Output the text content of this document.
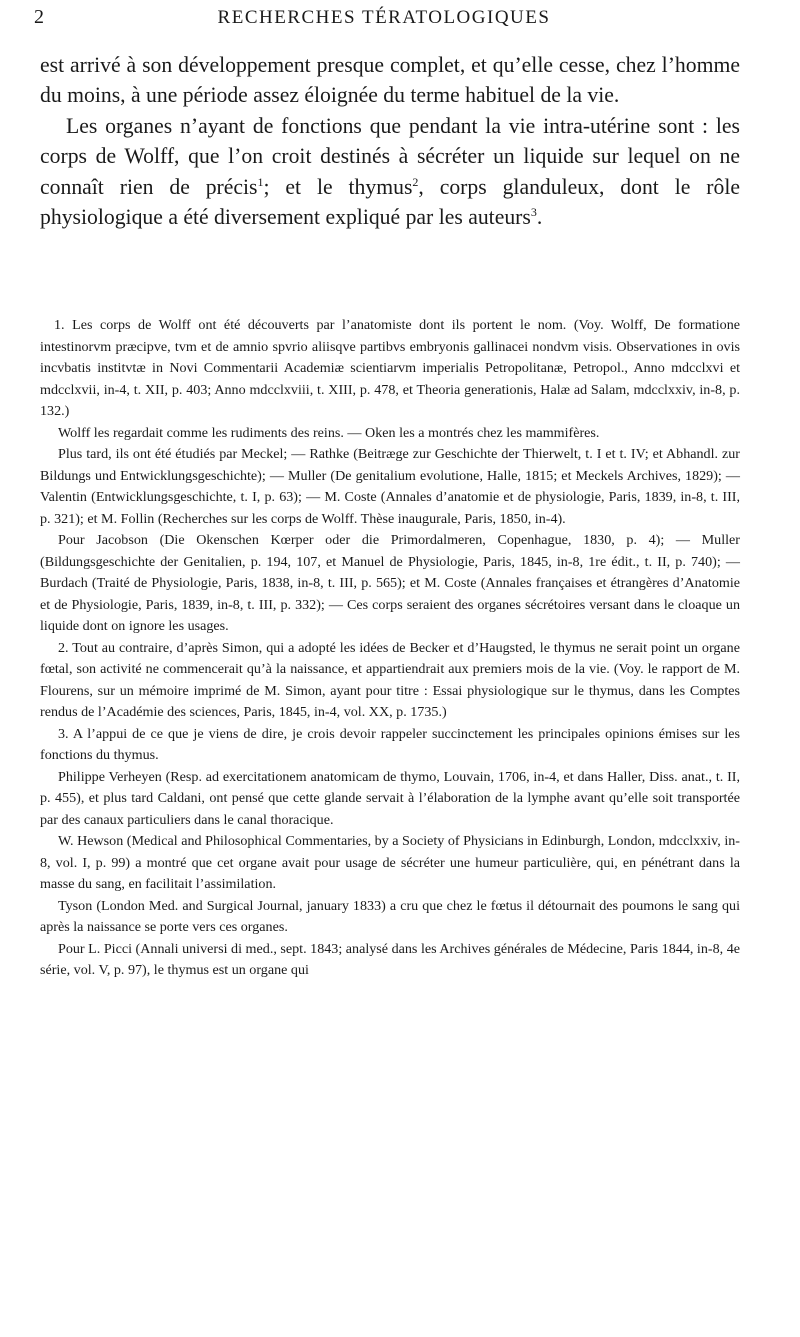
2	RECHERCHES TÉRATOLOGIQUES

est arrivé à son développement presque complet, et qu’elle cesse, chez l’homme du moins, à une période assez éloignée du terme habituel de la vie.

Les organes n’ayant de fonctions que pendant la vie intra-utérine sont : les corps de Wolff, que l’on croit destinés à sécréter un liquide sur lequel on ne connaît rien de précis$^1$; et le thymus$^2$, corps glanduleux, dont le rôle physiologique a été diversement expliqué par les auteurs$^3$.

1. Les corps de Wolff ont été découverts par l’anatomiste dont ils portent le nom. (Voy. Wolff, De formatione intestinorvm præcipve, tvm et de amnio spvrio aliisqve partibvs embryonis gallinacei nondvm visis. Observationes in ovis incvbatis institvtæ in Novi Commentarii Academiæ scientiarvm imperialis Petropolitanæ, Petropol., Anno mdcclxvi et mdcclxvii, in-4, t. XII, p. 403; Anno mdcclxviii, t. XIII, p. 478, et Theoria generationis, Halæ ad Salam, mdcclxxiv, in-8, p. 132.)

Wolff les regardait comme les rudiments des reins. — Oken les a montrés chez les mammifères.

Plus tard, ils ont été étudiés par Meckel; — Rathke (Beitræge zur Geschichte der Thierwelt, t. I et t. IV; et Abhandl. zur Bildungs und Entwicklungsgeschichte); — Muller (De genitalium evolutione, Halle, 1815; et Meckels Archives, 1829); — Valentin (Entwicklungsgeschichte, t. I, p. 63); — M. Coste (Annales d’anatomie et de physiologie, Paris, 1839, in-8, t. III, p. 321); et M. Follin (Recherches sur les corps de Wolff. Thèse inaugurale, Paris, 1850, in-4).

Pour Jacobson (Die Okenschen Kœrper oder die Primordalmeren, Copenhague, 1830, p. 4); — Muller (Bildungsgeschichte der Genitalien, p. 194, 107, et Manuel de Physiologie, Paris, 1845, in-8, 1re édit., t. II, p. 740); — Burdach (Traité de Physiologie, Paris, 1838, in-8, t. III, p. 565); et M. Coste (Annales françaises et étrangères d’Anatomie et de Physiologie, Paris, 1839, in-8, t. III, p. 332); — Ces corps seraient des organes sécrétoires versant dans le cloaque un liquide dont on ignore les usages.

2. Tout au contraire, d’après Simon, qui a adopté les idées de Becker et d’Haugsted, le thymus ne serait point un organe fœtal, son activité ne commencerait qu’à la naissance, et appartiendrait aux premiers mois de la vie. (Voy. le rapport de M. Flourens, sur un mémoire imprimé de M. Simon, ayant pour titre : Essai physiologique sur le thymus, dans les Comptes rendus de l’Académie des sciences, Paris, 1845, in-4, vol. XX, p. 1735.)

3. A l’appui de ce que je viens de dire, je crois devoir rappeler succinctement les principales opinions émises sur les fonctions du thymus.

Philippe Verheyen (Resp. ad exercitationem anatomicam de thymo, Louvain, 1706, in-4, et dans Haller, Diss. anat., t. II, p. 455), et plus tard Caldani, ont pensé que cette glande servait à l’élaboration de la lymphe avant qu’elle soit transportée par des canaux particuliers dans le canal thoracique.

W. Hewson (Medical and Philosophical Commentaries, by a Society of Physicians in Edinburgh, London, mdcclxxiv, in-8, vol. I, p. 99) a montré que cet organe avait pour usage de sécréter une humeur particulière, qui, en pénétrant dans la masse du sang, en facilitait l’assimilation.

Tyson (London Med. and Surgical Journal, january 1833) a cru que chez le fœtus il détournait des poumons le sang qui après la naissance se porte vers ces organes.

Pour L. Picci (Annali universi di med., sept. 1843; analysé dans les Archives générales de Médecine, Paris 1844, in-8, 4e série, vol. V, p. 97), le thymus est un organe qui
